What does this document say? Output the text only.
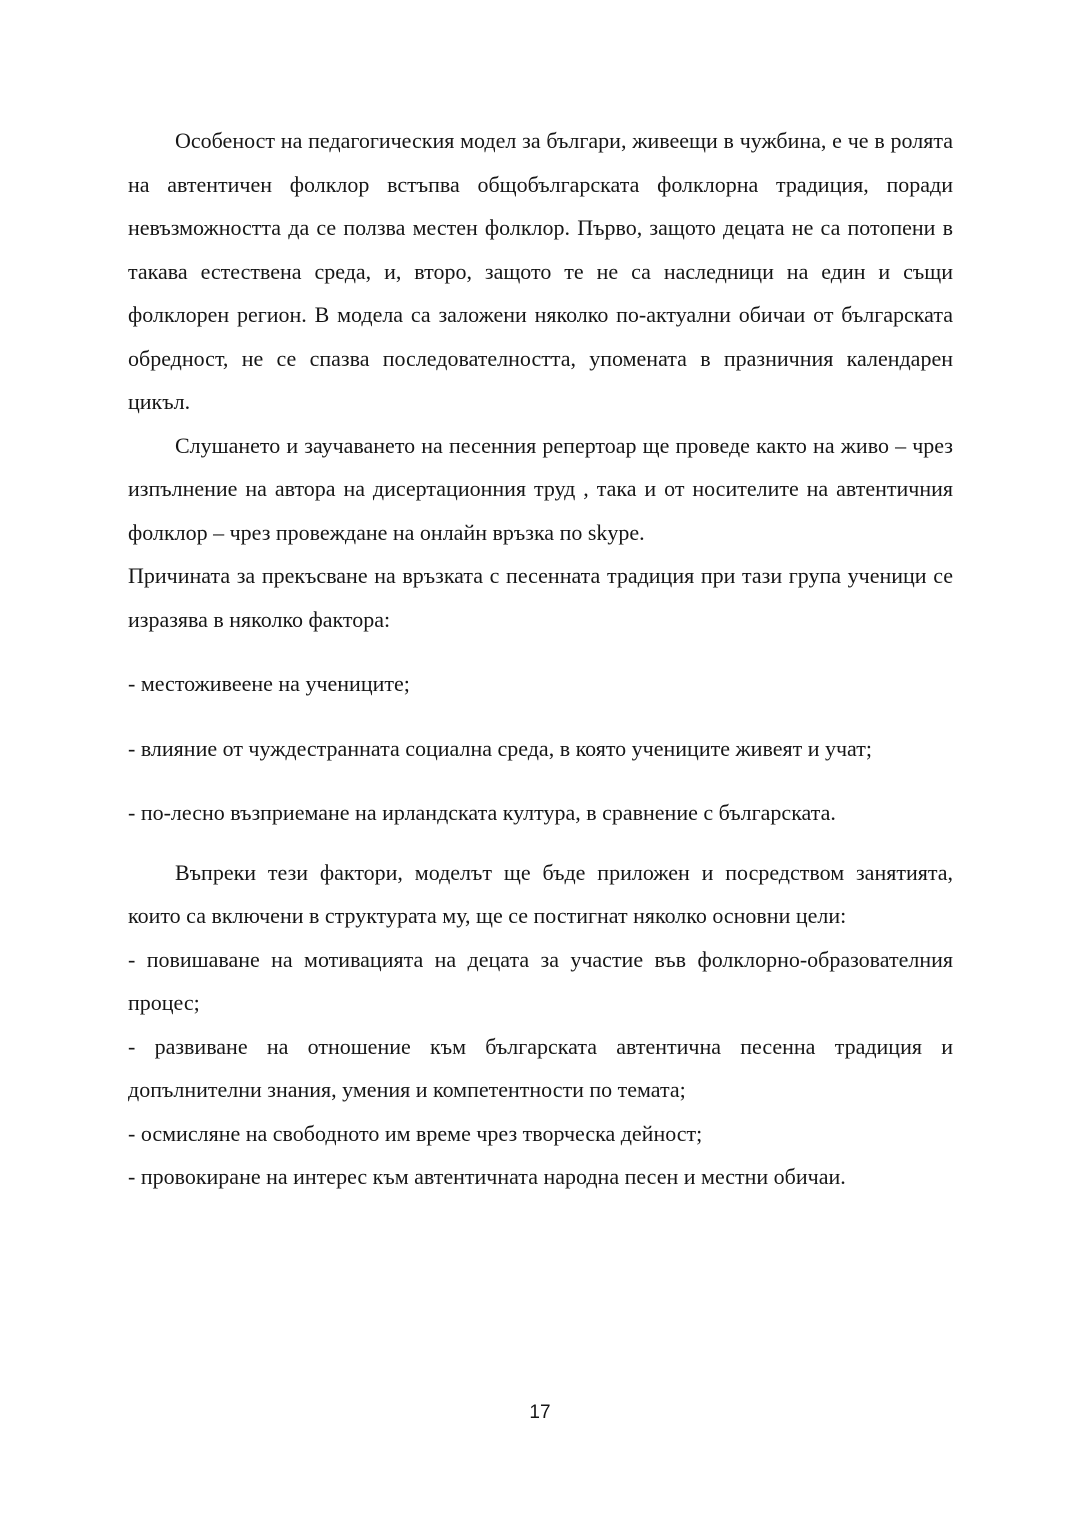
Особеност на педагогическия модел за българи, живеещи в чужбина, е че в ролята на автентичен фолклор встъпва общобългарската фолклорна традиция, поради невъзможността да се ползва местен фолклор. Първо, защото децата не са потопени в такава естествена среда, и, второ, защото те не са наследници на един и същи фолклорен регион. В модела са заложени няколко по-актуални обичаи от българската обредност, не се спазва последователността, упомената в празничния календарен цикъл.

Слушането и заучаването на песенния репертоар ще проведе както на живо – чрез изпълнение на автора на дисертационния труд , така и от носителите на автентичния фолклор – чрез провеждане на онлайн връзка по skype.

Причината за прекъсване на връзката с песенната традиция при тази група ученици се изразява в няколко фактора:

- местоживеене на учениците;

- влияние от чуждестранната социална среда, в която учениците живеят и учат;

- по-лесно възприемане на ирландската култура, в сравнение с българската.

Въпреки тези фактори, моделът ще бъде приложен и посредством занятията, които са включени в структурата му, ще се постигнат няколко основни цели:

- повишаване на мотивацията на децата за участие във фолклорно-образователния процес;

- развиване на отношение към българската автентична песенна традиция и допълнителни знания, умения и компетентности по темата;

- осмисляне на свободното им време чрез творческа дейност;

- провокиране на интерес към автентичната народна песен и местни обичаи.

17
